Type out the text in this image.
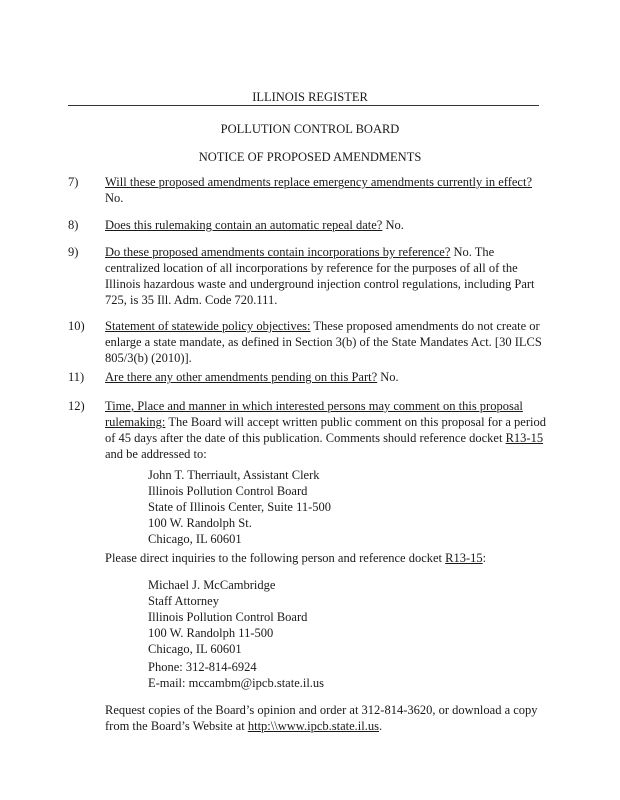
ILLINOIS REGISTER
POLLUTION CONTROL BOARD
NOTICE OF PROPOSED AMENDMENTS
7) Will these proposed amendments replace emergency amendments currently in effect?
No.
8) Does this rulemaking contain an automatic repeal date? No.
9) Do these proposed amendments contain incorporations by reference? No. The
centralized location of all incorporations by reference for the purposes of all of the
Illinois hazardous waste and underground injection control regulations, including Part
725, is 35 Ill. Adm. Code 720.111.
10) Statement of statewide policy objectives: These proposed amendments do not create or
enlarge a state mandate, as defined in Section 3(b) of the State Mandates Act. [30 ILCS
805/3(b) (2010)].
11) Are there any other amendments pending on this Part? No.
12) Time, Place and manner in which interested persons may comment on this proposal
rulemaking: The Board will accept written public comment on this proposal for a period
of 45 days after the date of this publication. Comments should reference docket R13-15
and be addressed to:
John T. Therriault, Assistant Clerk
Illinois Pollution Control Board
State of Illinois Center, Suite 11-500
100 W. Randolph St.
Chicago, IL 60601
Please direct inquiries to the following person and reference docket R13-15:
Michael J. McCambridge
Staff Attorney
Illinois Pollution Control Board
100 W. Randolph 11-500
Chicago, IL 60601
Phone: 312-814-6924
E-mail: mccambm@ipcb.state.il.us
Request copies of the Board’s opinion and order at 312-814-3620, or download a copy
from the Board’s Website at http:\\www.ipcb.state.il.us.
